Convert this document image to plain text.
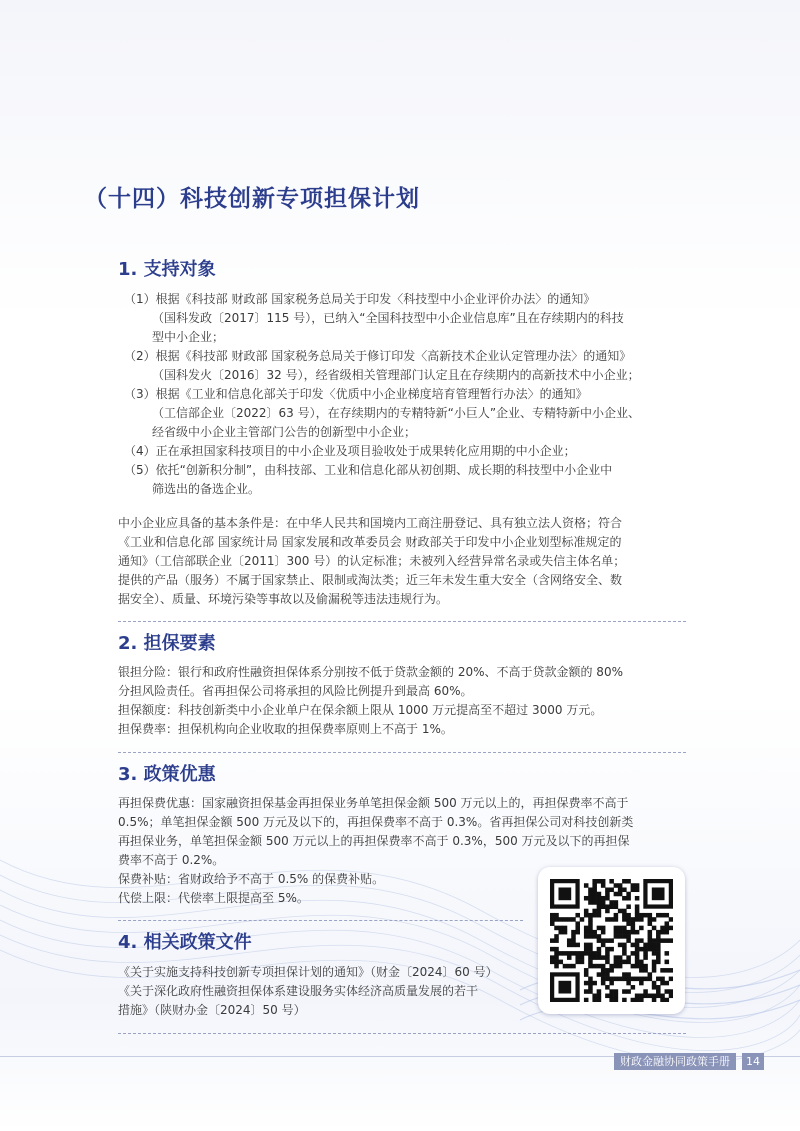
（十四）科技创新专项担保计划
1. 支持对象
（1）根据《科技部 财政部 国家税务总局关于印发〈科技型中小企业评价办法〉的通知》
（国科发政〔2017〕115 号），已纳入“全国科技型中小企业信息库”且在存续期内的科技
型中小企业；
（2）根据《科技部 财政部 国家税务总局关于修订印发〈高新技术企业认定管理办法〉的通知》
（国科发火〔2016〕32 号），经省级相关管理部门认定且在存续期内的高新技术中小企业；
（3）根据《工业和信息化部关于印发〈优质中小企业梯度培育管理暂行办法〉的通知》
（工信部企业〔2022〕63 号），在存续期内的专精特新“小巨人”企业、专精特新中小企业、
经省级中小企业主管部门公告的创新型中小企业；
（4）正在承担国家科技项目的中小企业及项目验收处于成果转化应用期的中小企业；
（5）依托“创新积分制”，由科技部、工业和信息化部从初创期、成长期的科技型中小企业中
筛选出的备选企业。
中小企业应具备的基本条件是：在中华人民共和国境内工商注册登记、具有独立法人资格；符合
《工业和信息化部 国家统计局 国家发展和改革委员会 财政部关于印发中小企业划型标准规定的
通知》（工信部联企业〔2011〕300 号）的认定标准；未被列入经营异常名录或失信主体名单；
提供的产品（服务）不属于国家禁止、限制或淘汰类；近三年未发生重大安全（含网络安全、数
据安全）、质量、环境污染等事故以及偷漏税等违法违规行为。
2. 担保要素
银担分险：银行和政府性融资担保体系分别按不低于贷款金额的 20%、不高于贷款金额的 80%
分担风险责任。省再担保公司将承担的风险比例提升到最高 60%。
担保额度：科技创新类中小企业单户在保余额上限从 1000 万元提高至不超过 3000 万元。
担保费率：担保机构向企业收取的担保费率原则上不高于 1%。
3. 政策优惠
再担保费优惠：国家融资担保基金再担保业务单笔担保金额 500 万元以上的，再担保费率不高于
0.5%；单笔担保金额 500 万元及以下的，再担保费率不高于 0.3%。省再担保公司对科技创新类
再担保业务，单笔担保金额 500 万元以上的再担保费率不高于 0.3%，500 万元及以下的再担保
费率不高于 0.2%。
保费补贴：省财政给予不高于 0.5% 的保费补贴。
代偿上限：代偿率上限提高至 5%。
4. 相关政策文件
《关于实施支持科技创新专项担保计划的通知》（财金〔2024〕60 号）
《关于深化政府性融资担保体系建设服务实体经济高质量发展的若干
措施》（陕财办金〔2024〕50 号）
财政金融协同政策手册	14
